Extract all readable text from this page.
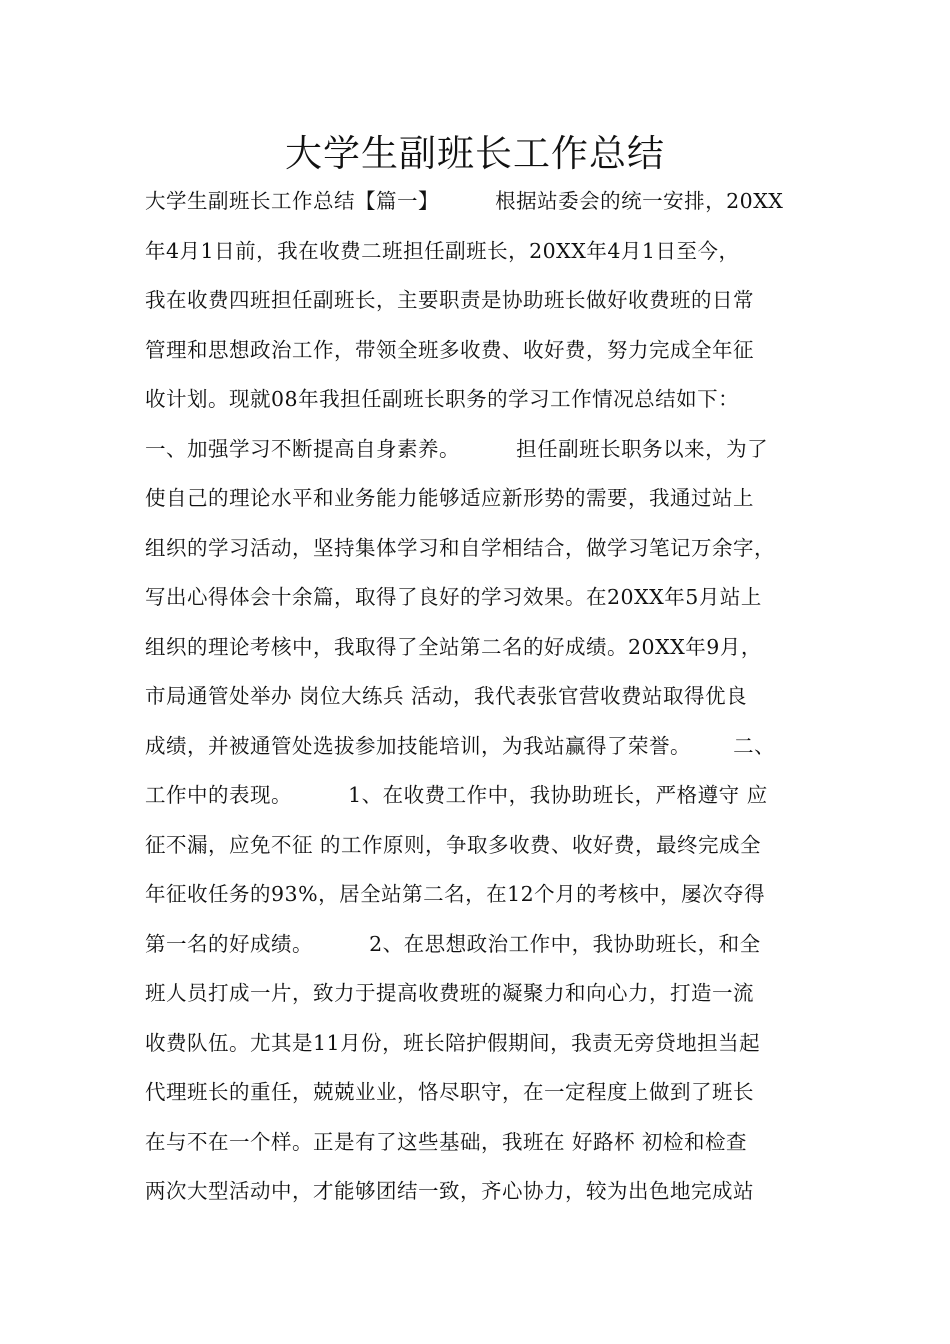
大学生副班长工作总结
大学生副班长工作总结【篇一】        根据站委会的统一安排，20XX
年4月1日前，我在收费二班担任副班长，20XX年4月1日至今，
我在收费四班担任副班长，主要职责是协助班长做好收费班的日常
管理和思想政治工作，带领全班多收费、收好费，努力完成全年征
收计划。现就08年我担任副班长职务的学习工作情况总结如下：
一、加强学习不断提高自身素养。        担任副班长职务以来，为了
使自己的理论水平和业务能力能够适应新形势的需要，我通过站上
组织的学习活动，坚持集体学习和自学相结合，做学习笔记万余字，
写出心得体会十余篇，取得了良好的学习效果。在20XX年5月站上
组织的理论考核中，我取得了全站第二名的好成绩。20XX年9月，
市局通管处举办 岗位大练兵 活动，我代表张官营收费站取得优良
成绩，并被通管处选拔参加技能培训，为我站赢得了荣誉。      二、
工作中的表现。        1、在收费工作中，我协助班长，严格遵守 应
征不漏，应免不征 的工作原则，争取多收费、收好费，最终完成全
年征收任务的93%，居全站第二名，在12个月的考核中，屡次夺得
第一名的好成绩。        2、在思想政治工作中，我协助班长，和全
班人员打成一片，致力于提高收费班的凝聚力和向心力，打造一流
收费队伍。尤其是11月份，班长陪护假期间，我责无旁贷地担当起
代理班长的重任，兢兢业业，恪尽职守，在一定程度上做到了班长
在与不在一个样。正是有了这些基础，我班在 好路杯 初检和检查
两次大型活动中，才能够团结一致，齐心协力，较为出色地完成站
